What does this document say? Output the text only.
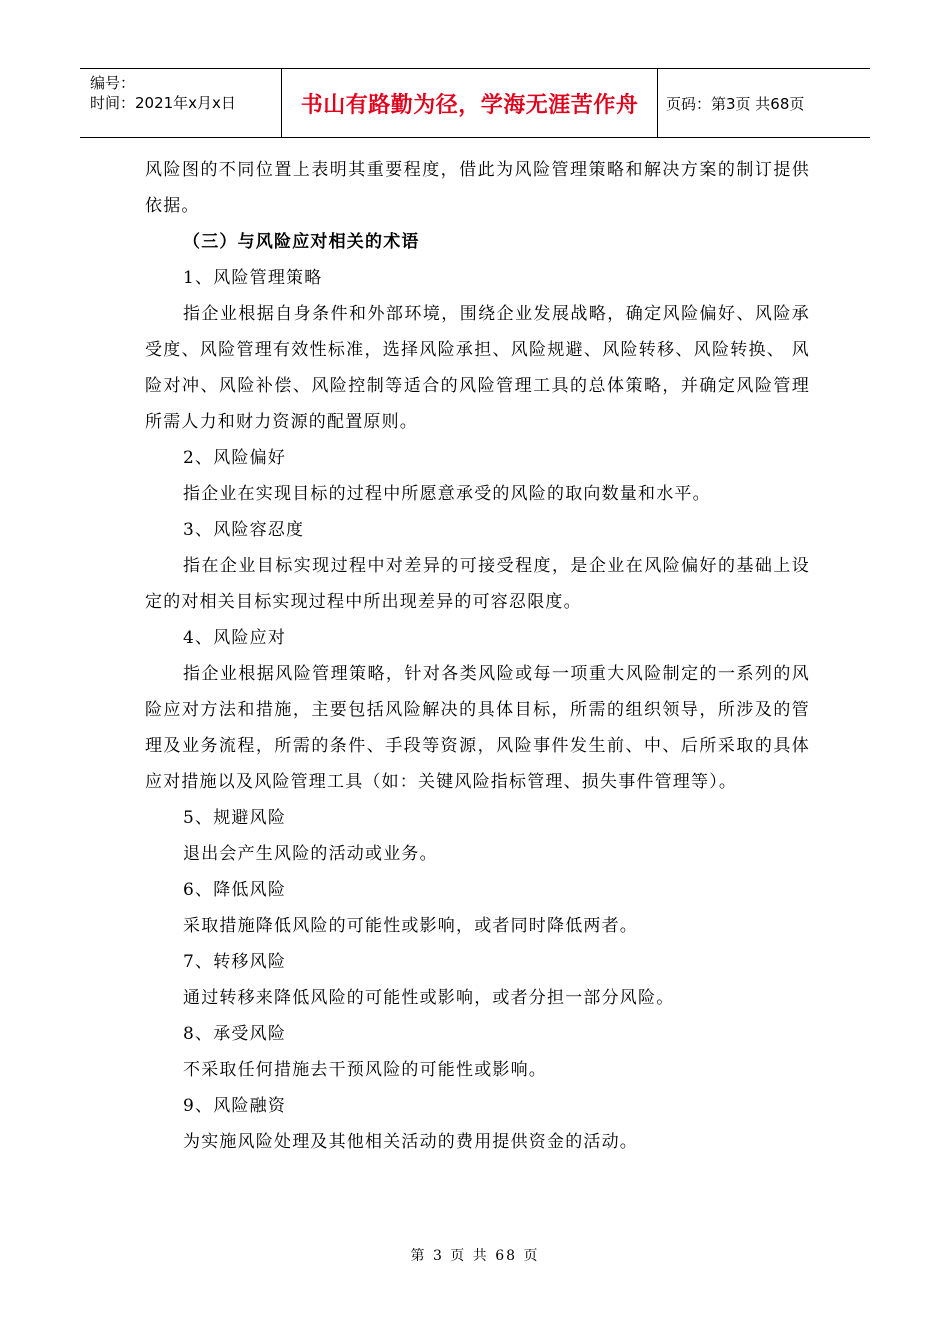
编号：
时间：2021年x月x日	书山有路勤为径，学海无涯苦作舟	页码：第3页 共68页

风险图的不同位置上表明其重要程度，借此为风险管理策略和解决方案的制订提供依据。

（三）与风险应对相关的术语

1、风险管理策略

指企业根据自身条件和外部环境，围绕企业发展战略，确定风险偏好、风险承受度、风险管理有效性标准，选择风险承担、风险规避、风险转移、风险转换、 风险对冲、风险补偿、风险控制等适合的风险管理工具的总体策略，并确定风险管理所需人力和财力资源的配置原则。

2、风险偏好

指企业在实现目标的过程中所愿意承受的风险的取向数量和水平。

3、风险容忍度

指在企业目标实现过程中对差异的可接受程度，是企业在风险偏好的基础上设定的对相关目标实现过程中所出现差异的可容忍限度。

4、风险应对

指企业根据风险管理策略，针对各类风险或每一项重大风险制定的一系列的风险应对方法和措施，主要包括风险解决的具体目标，所需的组织领导，所涉及的管理及业务流程，所需的条件、手段等资源，风险事件发生前、中、后所采取的具体应对措施以及风险管理工具（如：关键风险指标管理、损失事件管理等）。

5、规避风险

退出会产生风险的活动或业务。

6、降低风险

采取措施降低风险的可能性或影响，或者同时降低两者。

7、转移风险

通过转移来降低风险的可能性或影响，或者分担一部分风险。

8、承受风险

不采取任何措施去干预风险的可能性或影响。

9、风险融资

为实施风险处理及其他相关活动的费用提供资金的活动。

第 3 页 共 68 页
